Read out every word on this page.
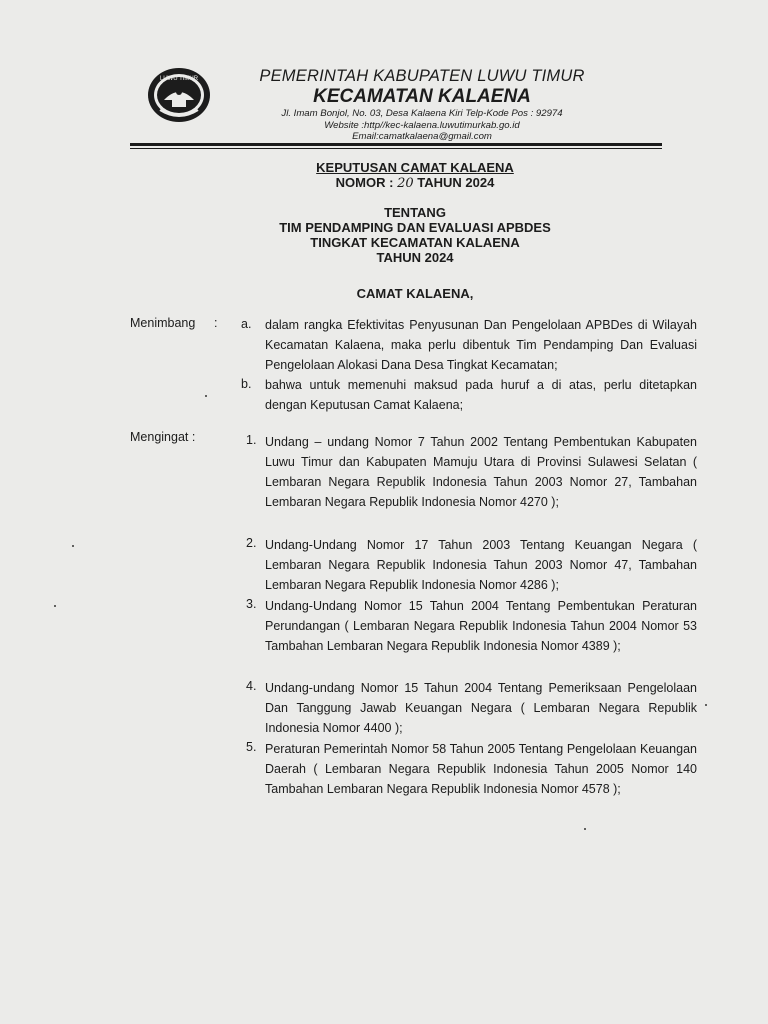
LUWU TIMUR	PEMERINTAH KABUPATEN LUWU TIMUR
KECAMATAN KALAENA
Jl. Imam Bonjol, No. 03, Desa Kalaena Kiri Telp-Kode Pos : 92974
Website :http//kec-kalaena.luwutimurkab.go.id
Email:camatkalaena@gmail.com
KEPUTUSAN CAMAT KALAENA
NOMOR : 20 TAHUN 2024
TENTANG
TIM PENDAMPING DAN EVALUASI APBDES
TINGKAT KECAMATAN KALAENA
TAHUN 2024
CAMAT KALAENA,
Menimbang : a. dalam rangka Efektivitas Penyusunan Dan Pengelolaan APBDes di Wilayah Kecamatan Kalaena, maka perlu dibentuk Tim Pendamping Dan Evaluasi Pengelolaan Alokasi Dana Desa Tingkat Kecamatan;
b. bahwa untuk memenuhi maksud pada huruf a di atas, perlu ditetapkan dengan Keputusan Camat Kalaena;
Mengingat :	1. Undang – undang Nomor 7 Tahun 2002 Tentang Pembentukan Kabupaten Luwu Timur dan Kabupaten Mamuju Utara di Provinsi Sulawesi Selatan ( Lembaran Negara Republik Indonesia Tahun 2003 Nomor 27, Tambahan Lembaran Negara Republik Indonesia Nomor 4270 );
2. Undang-Undang Nomor 17 Tahun 2003 Tentang Keuangan Negara ( Lembaran Negara Republik Indonesia Tahun 2003 Nomor 47, Tambahan Lembaran Negara Republik Indonesia Nomor 4286 );
3. Undang-Undang Nomor 15 Tahun 2004 Tentang Pembentukan Peraturan Perundangan ( Lembaran Negara Republik Indonesia Tahun 2004 Nomor 53 Tambahan Lembaran Negara Republik Indonesia Nomor 4389 );
4. Undang-undang Nomor 15 Tahun 2004 Tentang Pemeriksaan Pengelolaan Dan Tanggung Jawab Keuangan Negara ( Lembaran Negara Republik Indonesia Nomor 4400 );
5. Peraturan Pemerintah Nomor 58 Tahun 2005 Tentang Pengelolaan Keuangan Daerah ( Lembaran Negara Republik Indonesia Tahun 2005 Nomor 140 Tambahan Lembaran Negara Republik Indonesia Nomor 4578 );
